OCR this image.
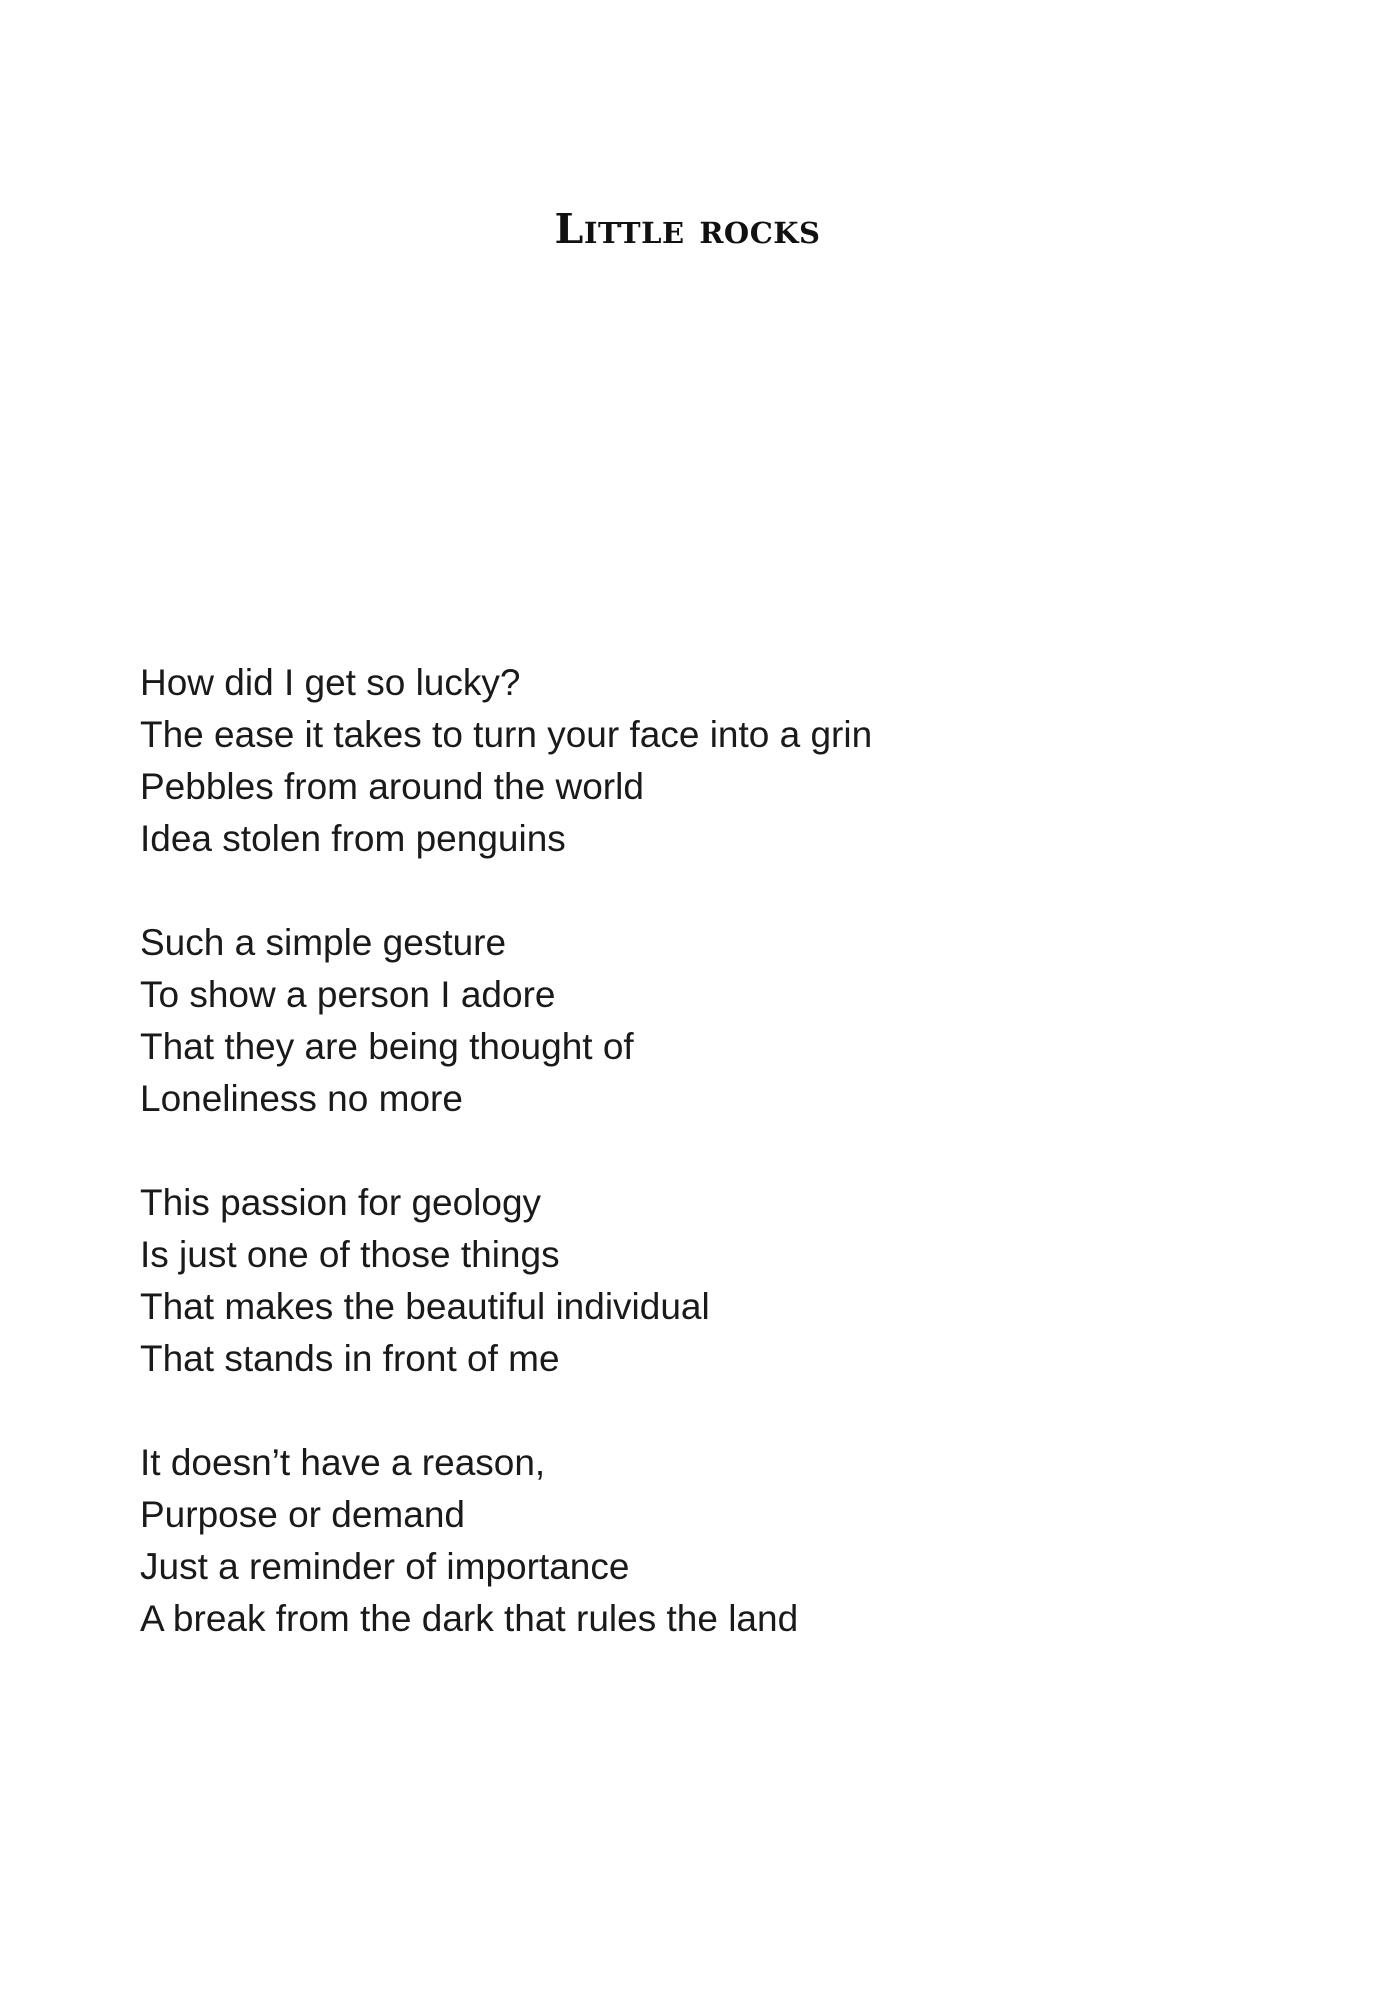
Little rocks
How did I get so lucky?
The ease it takes to turn your face into a grin
Pebbles from around the world
Idea stolen from penguins
Such a simple gesture
To show a person I adore
That they are being thought of
Loneliness no more
This passion for geology
Is just one of those things
That makes the beautiful individual
That stands in front of me
It doesn’t have a reason,
Purpose or demand
Just a reminder of importance
A break from the dark that rules the land
